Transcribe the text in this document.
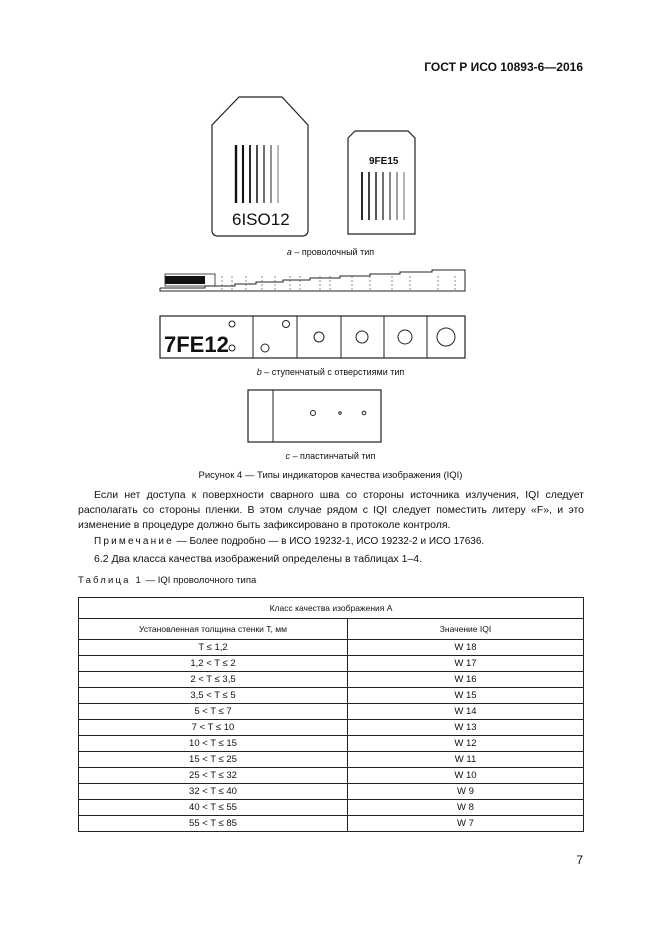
ГОСТ Р ИСО 10893-6—2016
6ISO12
9FE15
a – проволочный тип
7FE12
b – ступенчатый с отверстиями тип
c – пластинчатый тип
Рисунок 4 — Типы индикаторов качества изображения (IQI)
Если нет доступа к поверхности сварного шва со стороны источника излучения, IQI следует располагать со стороны пленки. В этом случае рядом с IQI следует поместить литеру «F», и это изменение в процедуре должно быть зафиксировано в протоколе контроля.
Примечание — Более подробно — в ИСО 19232-1, ИСО 19232-2 и ИСО 17636.
6.2 Два класса качества изображений определены в таблицах 1–4.
Таблица 1 — IQI проволочного типа
Класс качества изображения А	
Установленная толщина стенки T, мм	Значение IQI
T ≤ 1,2	W 18
1,2 < T ≤ 2	W 17
2 < T ≤ 3,5	W 16
3,5 < T ≤ 5	W 15
5 < T ≤ 7	W 14
7 < T ≤ 10	W 13
10 < T ≤ 15	W 12
15 < T ≤ 25	W 11
25 < T ≤ 32	W 10
32 < T ≤ 40	W 9
40 < T ≤ 55	W 8
55 < T ≤ 85	W 7
7
